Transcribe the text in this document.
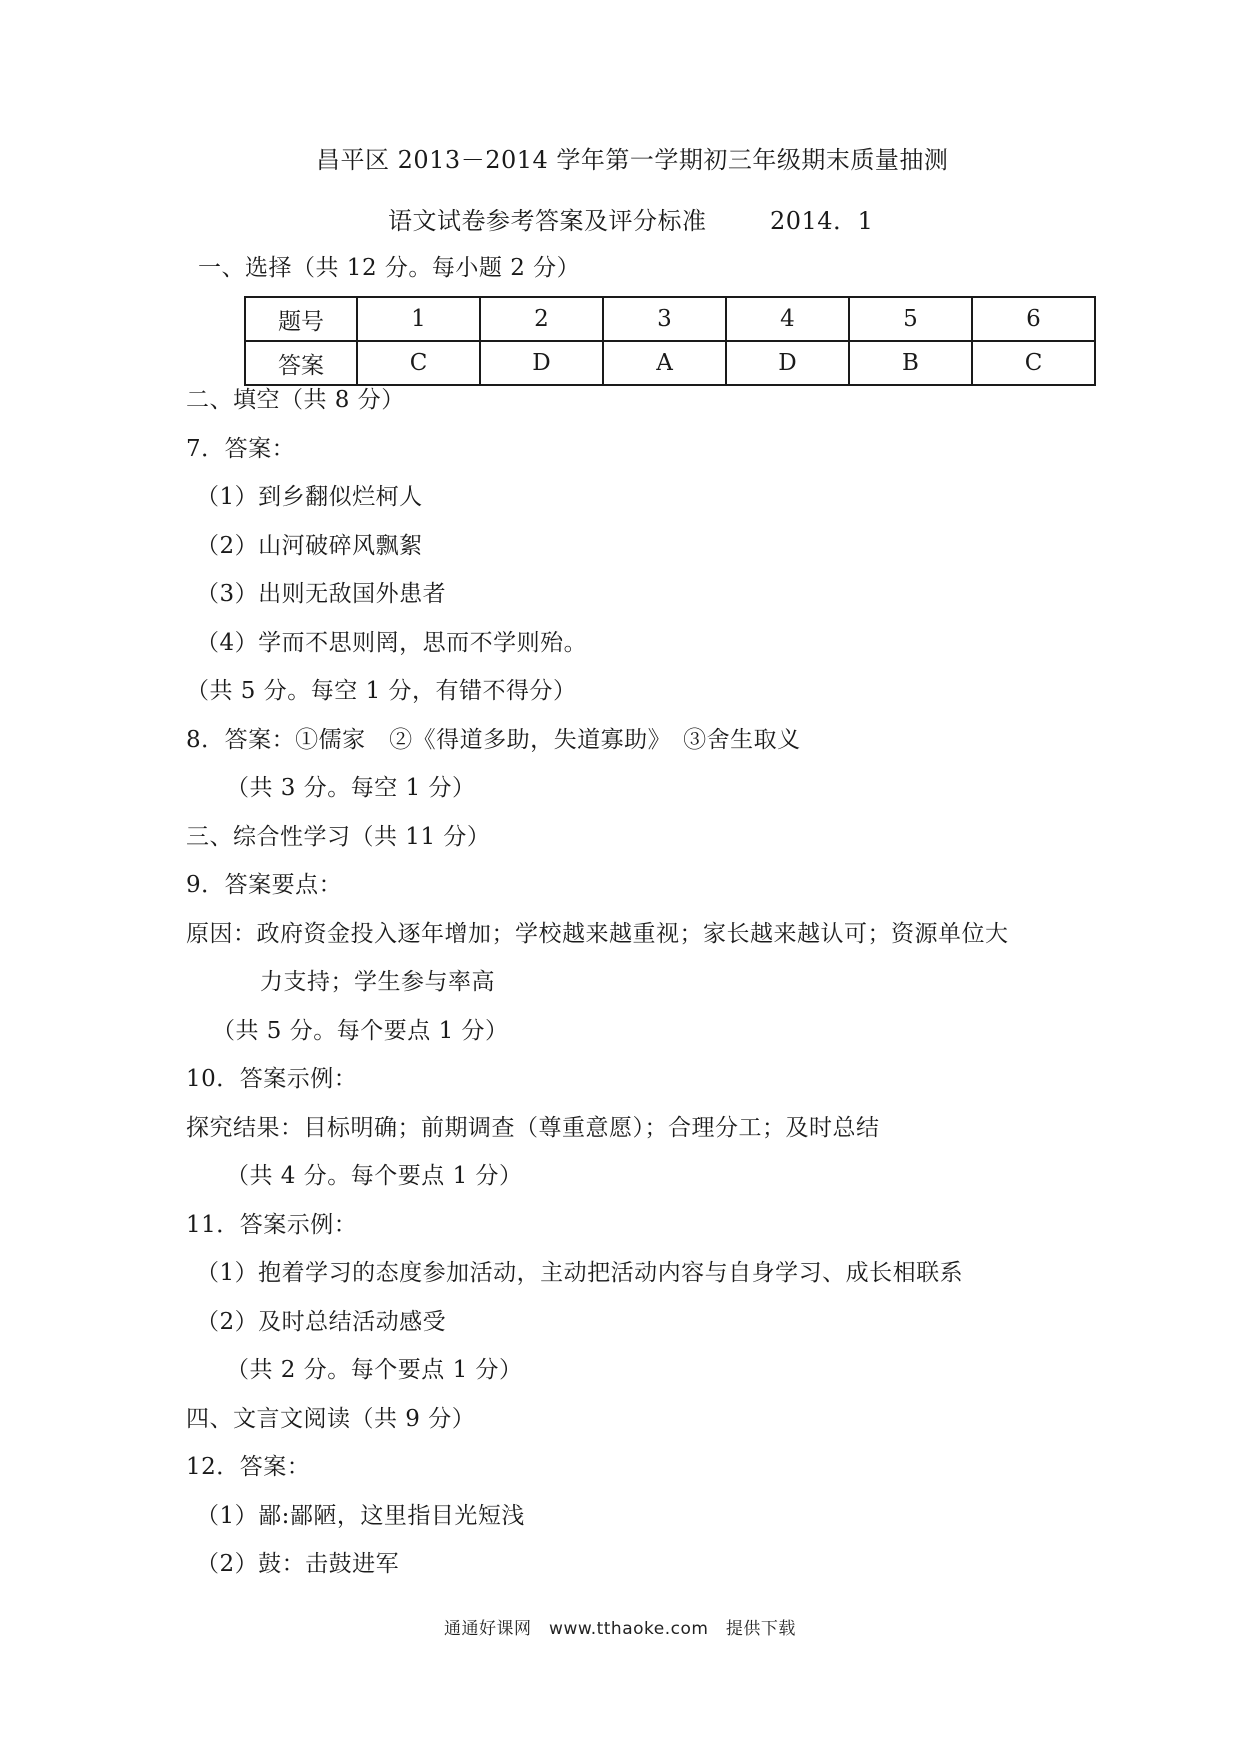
昌平区 2013－2014 学年第一学期初三年级期末质量抽测
语文试卷参考答案及评分标准	2014．1
一、选择（共 12 分。每小题 2 分）
题号	1	2	3	4	5	6
答案	C	D	A	D	B	C
二、填空（共 8 分）
7．答案：
（1）到乡翻似烂柯人
（2）山河破碎风飘絮
（3）出则无敌国外患者
（4）学而不思则罔，思而不学则殆。
（共 5 分。每空 1 分，有错不得分）
8．答案：①儒家　②《得道多助，失道寡助》　③舍生取义
（共 3 分。每空 1 分）
三、综合性学习（共 11 分）
9．答案要点：
原因：政府资金投入逐年增加；学校越来越重视；家长越来越认可；资源单位大
力支持；学生参与率高
（共 5 分。每个要点 1 分）
10．答案示例：
探究结果：目标明确；前期调查（尊重意愿）；合理分工；及时总结
（共 4 分。每个要点 1 分）
11．答案示例：
（1）抱着学习的态度参加活动，主动把活动内容与自身学习、成长相联系
（2）及时总结活动感受
（共 2 分。每个要点 1 分）
四、文言文阅读（共 9 分）
12．答案：
（1）鄙:鄙陋，这里指目光短浅
（2）鼓：击鼓进军
通通好课网　www.tthaoke.com　提供下载
